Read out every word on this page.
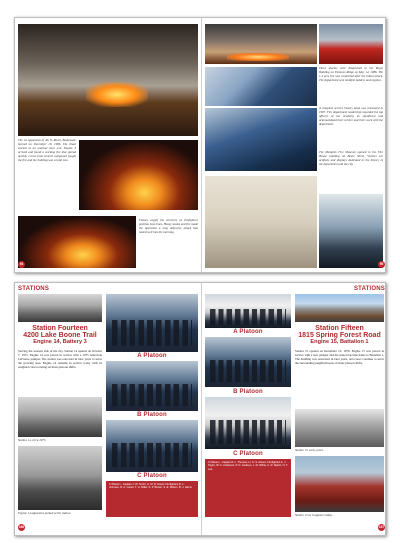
The 1st apparatus of 4th N. Rivers Boulevard, burned on December 19, 1986. The blaze started at an unusual hour a.m. Engine 3 arrived and found a working fire that spread quickly. Crews from several companies fought the fire and the building was a total loss.
Flames engulf the structure as firefighters position hose lines. Heavy smoke and fire made the operation a long defensive attack that lasted well into the morning.
94
Three alarms were dispatched to the Royal Building on Emmons Ridge on May 14, 1986. The 1.4 acre fire was controlled after the initial attack. The department sent multiple ladders and engines.
A complete service history book was reinstated in 1987. Fire department leadership regarded the top officers at the academy as significant and acknowledged their service and their work with the department.
The Memphis Fire Museum opened in the Fire House building on Beale Street. Visitors see artifacts and displays dedicated to the history of the department and the city.
95
STATIONS
Station Fourteen
4200 Lake Boone Trail
Engine 14, Battery 3
Serving the western side of the city, Station 14 opened on October 7, 1975. Engine 14 was placed in service with a 1975 American LaFrance pumper. The station was relocated in later years to serve the growing area. Engine 14 remains in service today with its assigned crews rotating on three platoon shifts.
Station 14, circa 1975.
Engine 14 apparatus parked at the station.
A Platoon
B Platoon
C Platoon
C Platoon - Captain J. W. Smith; Lt. M. R. Davis; Firefighters D. L. Johnson, R. A. Carter, T. H. Miller, K. P. Brown, S. E. Wilson, B. J. Harris
166
STATIONS
A Platoon
B Platoon
C Platoon
C Platoon - Captain R. L. Thomas; Lt. G. S. Moore; Firefighters A. J. Taylor, W. C. Anderson, P. D. Jackson, L. M. White, C. R. Martin, N. T. Lee
Station Fifteen
1815 Spring Forest Road
Engine 15, Battalion 1
Station 15 opened on December 10, 1976. Engine 15 was placed in service with a new pumper and the station became home to Battalion 1. The building was renovated in later years, and crews continue to serve the surrounding neighborhoods on three platoon shifts.
Station 15, early years.
Station 15 as it appears today.
167
